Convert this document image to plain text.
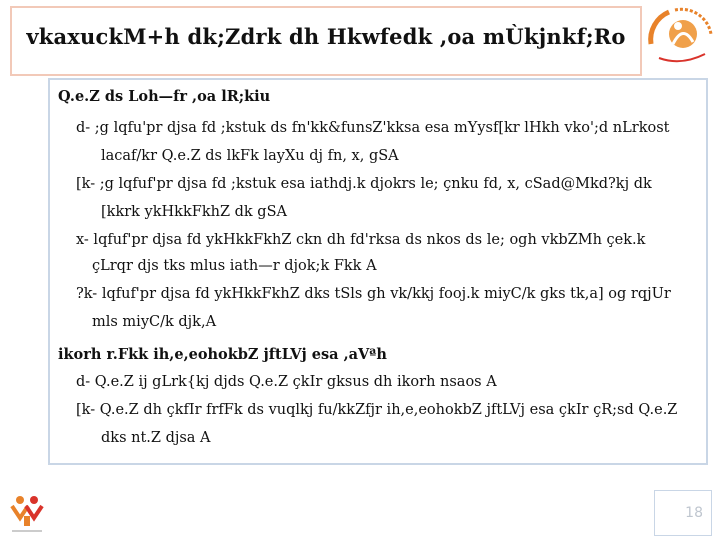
vkaxuckM+h dk;Zdrk dh Hkwfedk ,oa mÙkjnkf;Ro
Q.e.Z ds Loh—fr ,oa lR;kiu
d- ;g lqfu'pr djsa fd ;kstuk ds fn'kk&funsZ'kksa esa mYysf[kr lHkh vko';d nLrkost
lacaf/kr Q.e.Z ds lkFk layXu dj fn, x, gSA
[k- ;g lqfuf'pr djsa fd ;kstuk esa iathdj.k djokrs le; çnku fd, x, cSad@Mkd?kj dk
[kkrk ykHkkFkhZ dk gSA
x- lqfuf'pr djsa fd ykHkkFkhZ ckn dh fd'rksa ds nkos ds le; ogh vkbZMh çek.k
çLrqr djs tks mlus iath—r djok;k Fkk A
?k- lqfuf'pr djsa fd ykHkkFkhZ dks tSls gh vk/kkj fooj.k miyC/k gks tk,a] og rqjUr
mls miyC/k djk,A
ikorh r.Fkk ih,e,eohokbZ jftLVj esa ,aVªh
d- Q.e.Z ij gLrk{kj djds Q.e.Z çkIr gksus dh ikorh nsaos A
[k- Q.e.Z dh çkfIr frfFk ds vuqlkj fu/kkZfjr ih,e,eohokbZ jftLVj esa çkIr çR;sd Q.e.Z
dks nt.Z djsa A
18
